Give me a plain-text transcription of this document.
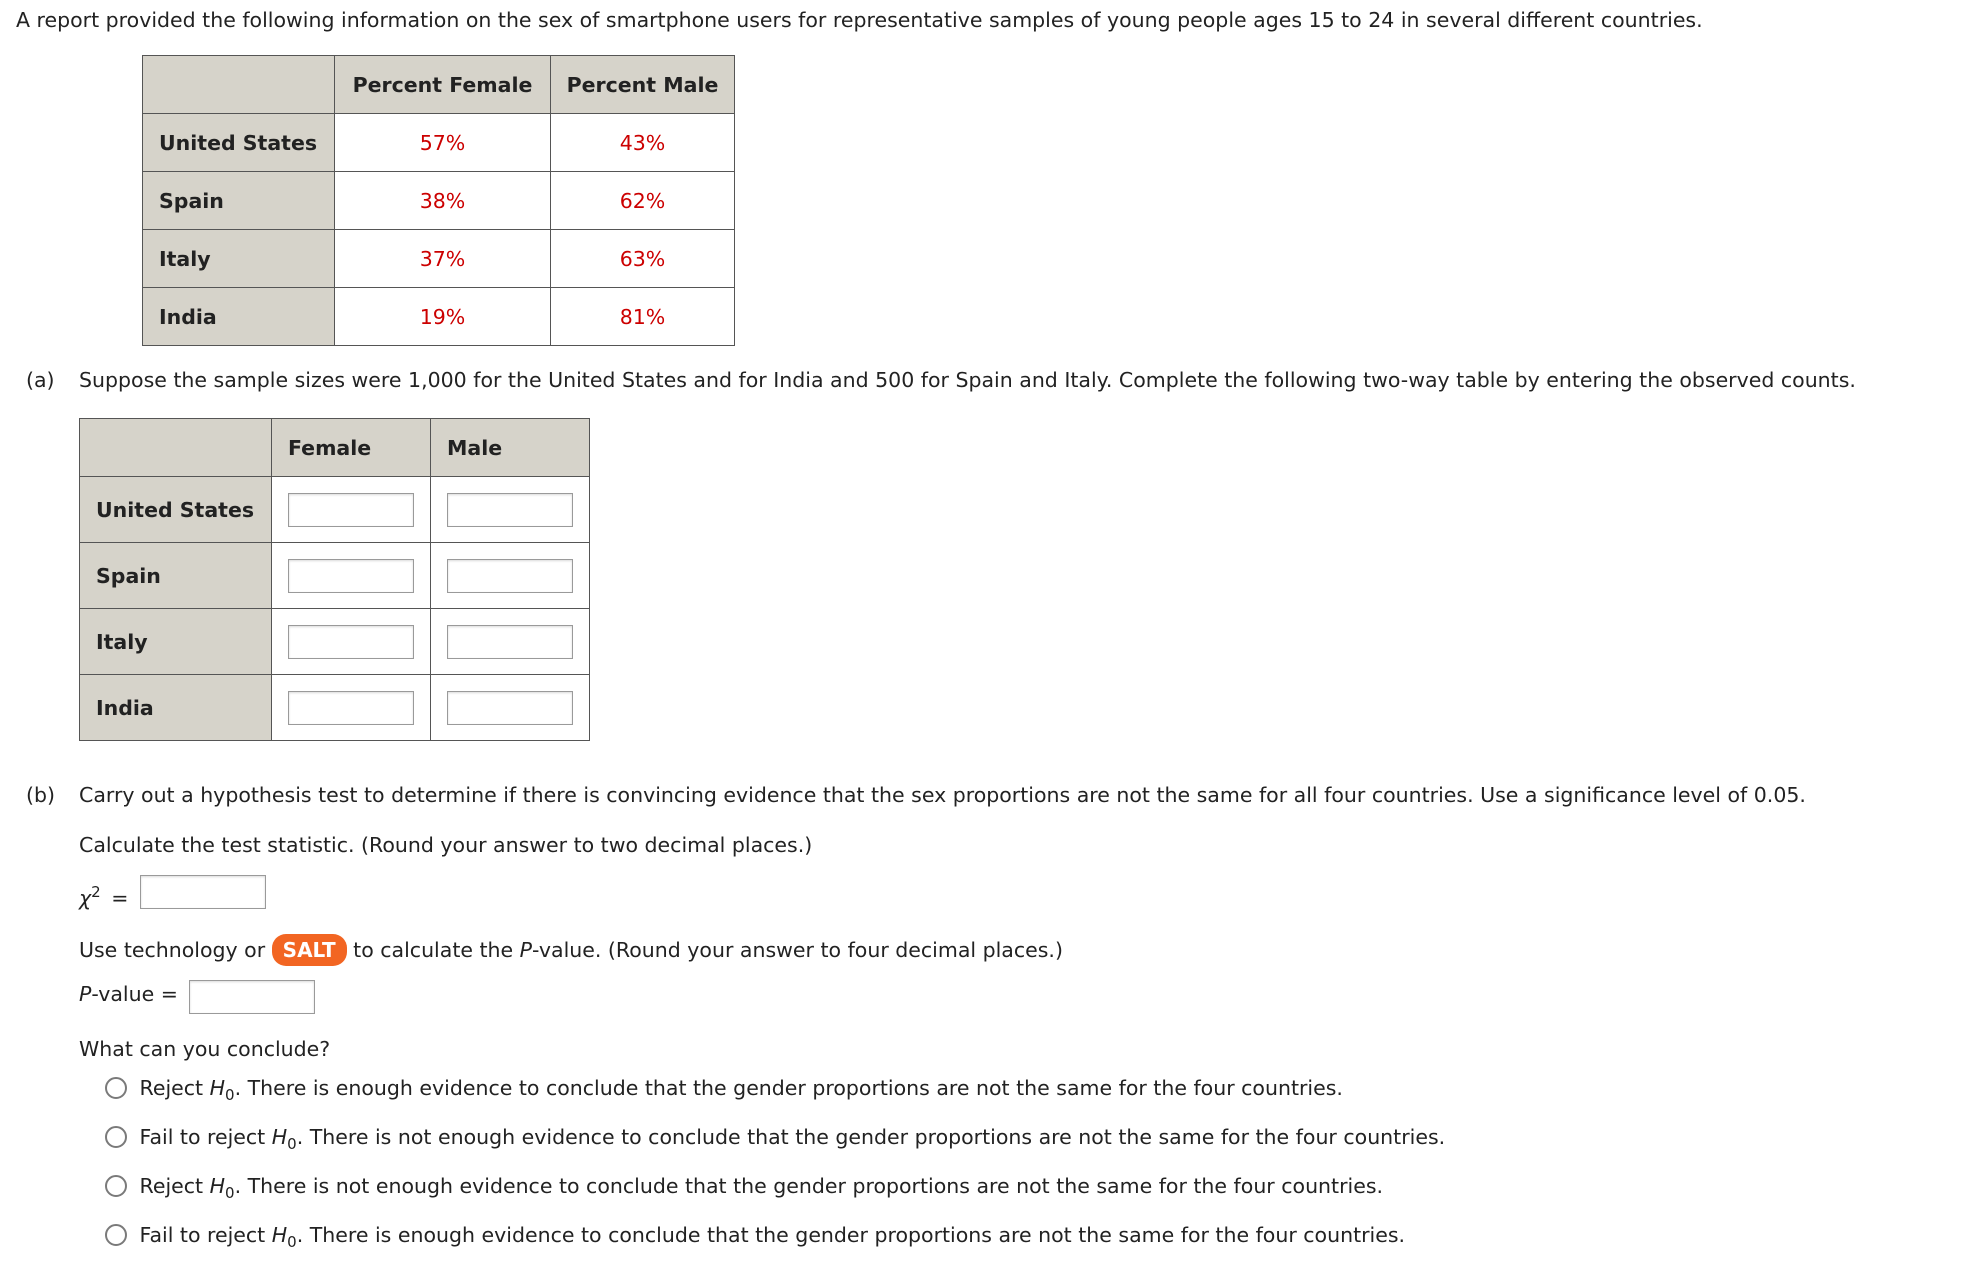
A report provided the following information on the sex of smartphone users for representative samples of young people ages 15 to 24 in several different countries.
	Percent Female	Percent Male
United States	57%	43%
Spain	38%	62%
Italy	37%	63%
India	19%	81%
(a) Suppose the sample sizes were 1,000 for the United States and for India and 500 for Spain and Italy. Complete the following two-way table by entering the observed counts.
	Female	Male
United States		
Spain		
Italy		
India		
(b) Carry out a hypothesis test to determine if there is convincing evidence that the sex proportions are not the same for all four countries. Use a significance level of 0.05.
Calculate the test statistic. (Round your answer to two decimal places.)
$\chi^2$ =
Use technology or SALT to calculate the P-value. (Round your answer to four decimal places.)
P-value =
What can you conclude?
Reject $H_0$. There is enough evidence to conclude that the gender proportions are not the same for the four countries.
Fail to reject $H_0$. There is not enough evidence to conclude that the gender proportions are not the same for the four countries.
Reject $H_0$. There is not enough evidence to conclude that the gender proportions are not the same for the four countries.
Fail to reject $H_0$. There is enough evidence to conclude that the gender proportions are not the same for the four countries.
